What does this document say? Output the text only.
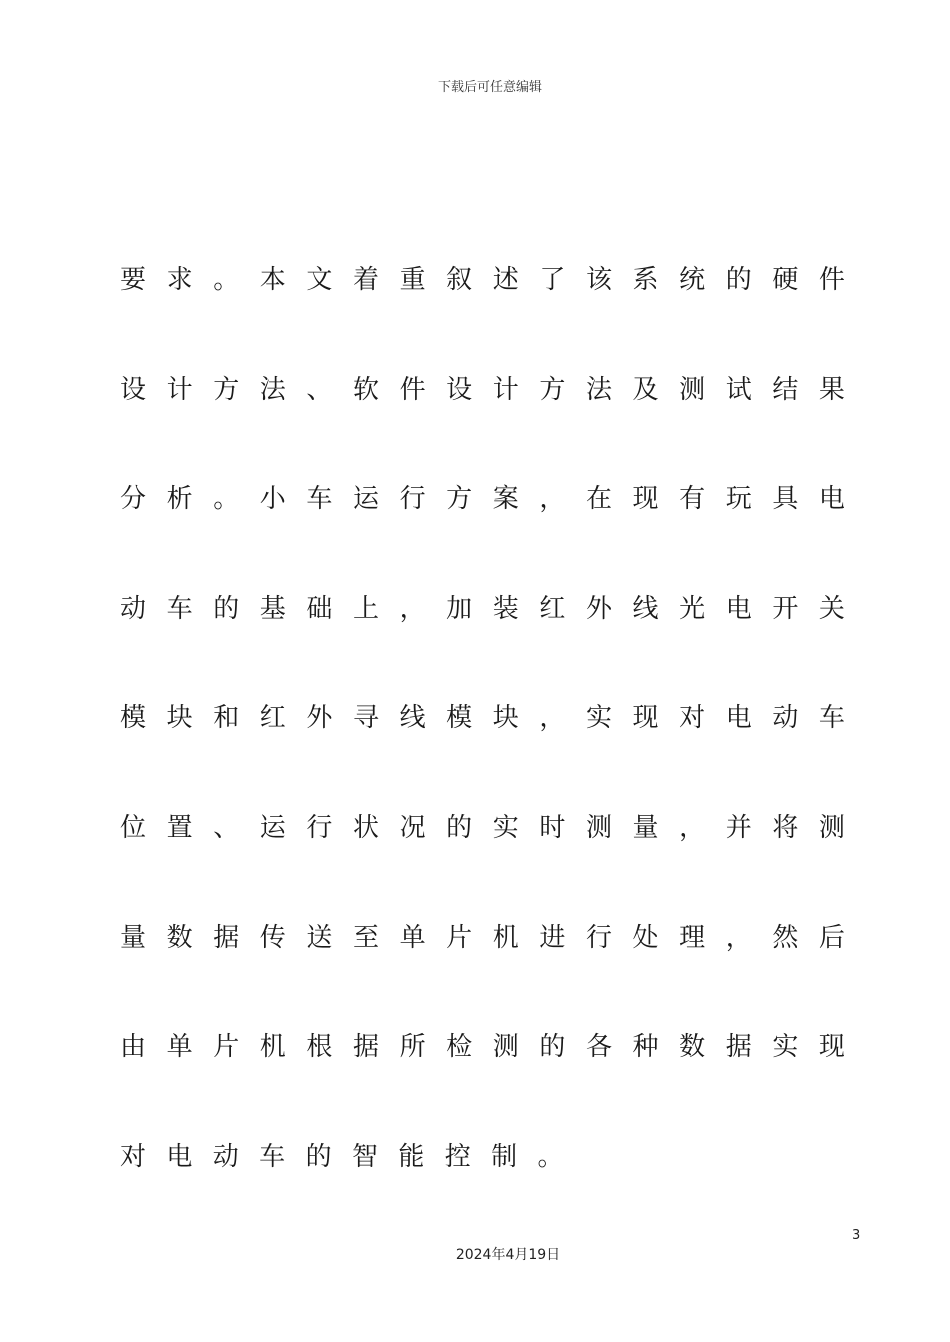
下载后可任意编辑
要 求 。 本 文 着 重 叙 述 了 该 系 统 的 硬 件
设 计 方 法 、 软 件 设 计 方 法 及 测 试 结 果
分 析 。 小 车 运 行 方 案 ， 在 现 有 玩 具 电
动 车 的 基 础 上 ， 加 装 红 外 线 光 电 开 关
模 块 和 红 外 寻 线 模 块 ， 实 现 对 电 动 车
位 置 、 运 行 状 况 的 实 时 测 量 ， 并 将 测
量 数 据 传 送 至 单 片 机 进 行 处 理 ， 然 后
由 单 片 机 根 据 所 检 测 的 各 种 数 据 实 现
对 电 动 车 的 智 能 控 制 。
3
2024年4月19日
